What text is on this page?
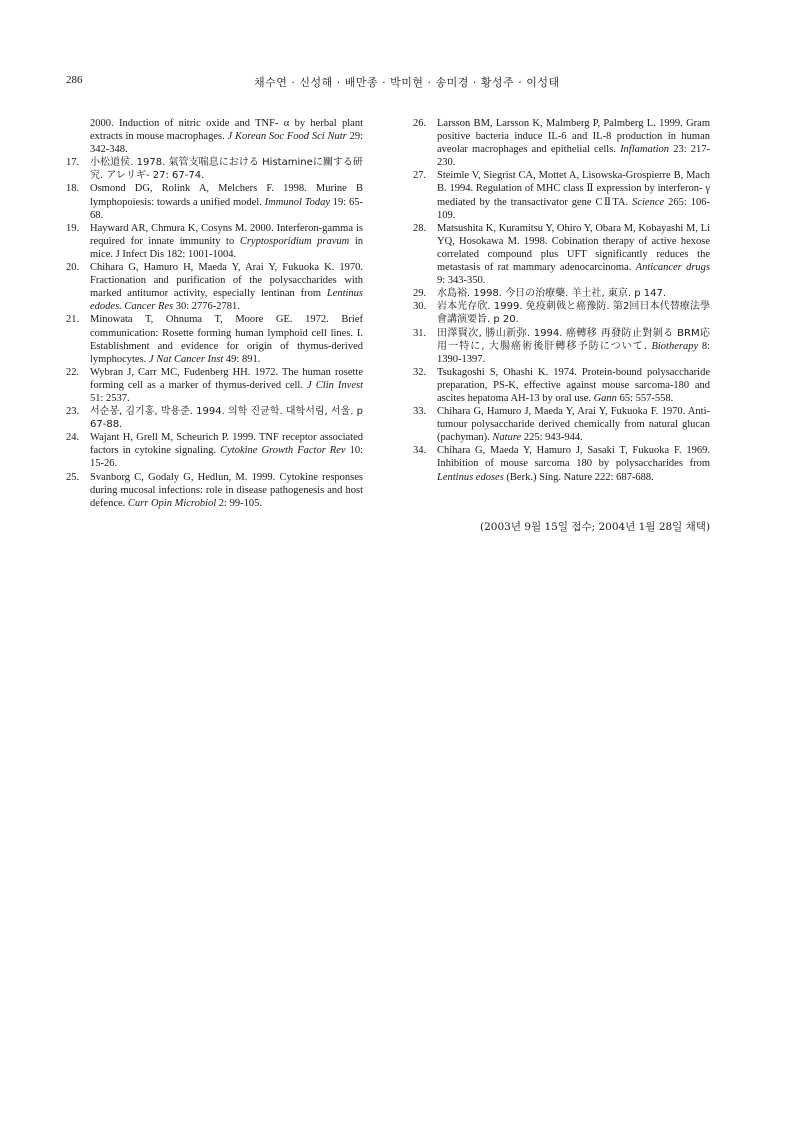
286	채수연 · 신성해 · 배만종 · 박미현 · 송미경 · 황성주 · 이성태

2000. Induction of nitric oxide and TNF- α by herbal plant extracts in mouse macrophages. J Korean Soc Food Sci Nutr 29: 342-348.

17. 小松道侯. 1978. 氣管支喘息における Histamineに關する研究. アレリギ- 27: 67-74.

18. Osmond DG, Rolink A, Melchers F. 1998. Murine B lymphopoiesis: towards a unified model. Immunol Today 19: 65-68.

19. Hayward AR, Chmura K, Cosyns M. 2000. Interferon-gamma is required for innate immunity to Cryptosporidium pravum in mice. J Infect Dis 182: 1001-1004.

20. Chihara G, Hamuro H, Maeda Y, Arai Y, Fukuoka K. 1970. Fractionation and purification of the polysaccharides with marked antitumor activity, especially lentinan from Lentinus edodes. Cancer Res 30: 2776-2781.

21. Minowata T, Ohnuma T, Moore GE. 1972. Brief communication: Rosette forming human lymphoid cell lines. I. Establishment and evidence for origin of thymus-derived lymphocytes. J Nat Cancer Inst 49: 891.

22. Wybran J, Carr MC, Fudenberg HH. 1972. The human rosette forming cell as a marker of thymus-derived cell. J Clin Invest 51: 2537.

23. 서순봉, 김기홍, 박용준. 1994. 의학 진균학. 대학서림, 서울. p 67-88.

24. Wajant H, Grell M, Scheurich P. 1999. TNF receptor associated factors in cytokine signaling. Cytokine Growth Factor Rev 10: 15-26.

25. Svanborg C, Godaly G, Hedlun, M. 1999. Cytokine responses during mucosal infections: role in disease pathogenesis and host defence. Curr Opin Microbiol 2: 99-105.

26. Larsson BM, Larsson K, Malmberg P, Palmberg L. 1999. Gram positive bacteria induce IL-6 and IL-8 production in human aveolar macrophages and epithelial cells. Inflamation 23: 217-230.

27. Steimle V, Siegrist CA, Mottet A, Lisowska-Grospierre B, Mach B. 1994. Regulation of MHC class Ⅱ expression by interferon- γ mediated by the transactivator gene CⅡTA. Science 265: 106-109.

28. Matsushita K, Kuramitsu Y, Ohiro Y, Obara M, Kobayashi M, Li YQ, Hosokawa M. 1998. Cobination therapy of active hexose correlated compound plus UFT significantly reduces the metastasis of rat mammary adenocarcinoma. Anticancer drugs 9: 343-350.

29. 水島裕. 1998. 今日の治療藥. 羊土社, 東京. p 147.

30. 岩本光存欣. 1999. 免疫刺戟と癌豫防. 第2回日本代替療法學會講演要旨. p 20.

31. 田澤賢次, 勝山新弥. 1994. 癌轉移 再發防止對剝る BRM応用一特に, 大腸癌術後肝轉移予防について. Biotherapy 8: 1390-1397.

32. Tsukagoshi S, Ohashi K. 1974. Protein-bound polysaccharide preparation, PS-K, effective against mouse sarcoma-180 and ascites hepatoma AH-13 by oral use. Gann 65: 557-558.

33. Chihara G, Hamuro J, Maeda Y, Arai Y, Fukuoka F. 1970. Anti-tumour polysaccharide derived chemically from natural glucan (pachyman). Nature 225: 943-944.

34. Chihara G, Maeda Y, Hamuro J, Sasaki T, Fukuoka F. 1969. Inhibition of mouse sarcoma 180 by polysaccharides from Lentinus edoses (Berk.) Sing. Nature 222: 687-688.

(2003년 9월 15일 접수; 2004년 1월 28일 채택)
